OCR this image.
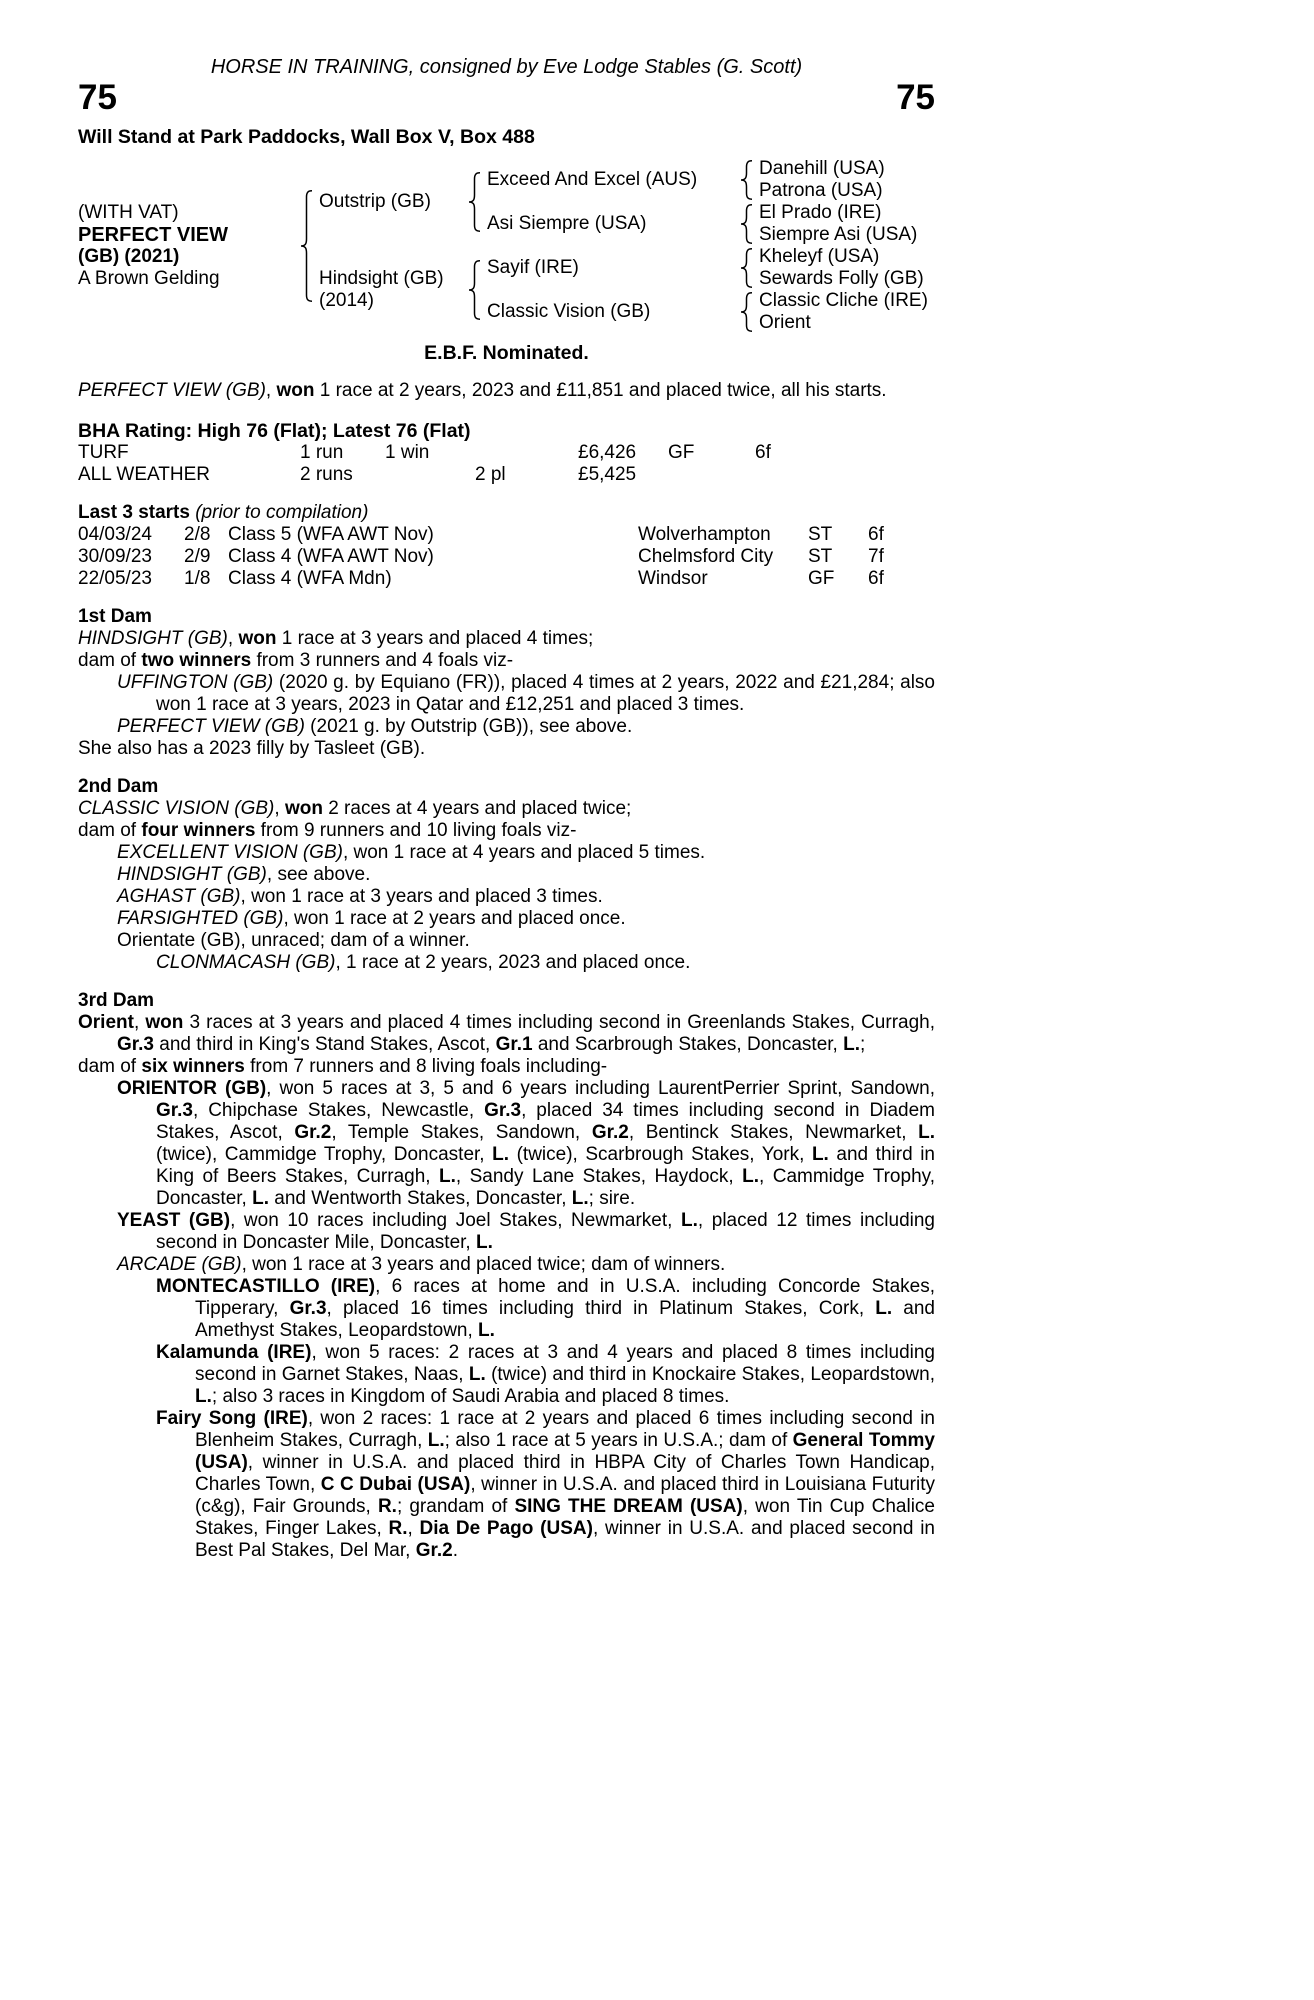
HORSE IN TRAINING, consigned by Eve Lodge Stables (G. Scott)
75	75
Will Stand at Park Paddocks, Wall Box V, Box 488
(WITH VAT)
PERFECT VIEW
(GB) (2021)
A Brown Gelding
Outstrip (GB)
Hindsight (GB)
(2014)
Exceed And Excel (AUS)
Asi Siempre (USA)
Sayif (IRE)
Classic Vision (GB)
Danehill (USA)
Patrona (USA)
El Prado (IRE)
Siempre Asi (USA)
Kheleyf (USA)
Sewards Folly (GB)
Classic Cliche (IRE)
Orient
E.B.F. Nominated.

PERFECT VIEW (GB), won 1 race at 2 years, 2023 and £11,851 and placed twice, all his starts.

BHA Rating: High 76 (Flat); Latest 76 (Flat)
TURF	1 run	1 win		£6,426	GF	6f
ALL WEATHER	2 runs		2 pl	£5,425		
Last 3 starts (prior to compilation)
04/03/24	2/8	Class 5 (WFA AWT Nov)	Wolverhampton	ST	6f
30/09/23	2/9	Class 4 (WFA AWT Nov)	Chelmsford City	ST	7f
22/05/23	1/8	Class 4 (WFA Mdn)	Windsor	GF	6f
1st Dam

HINDSIGHT (GB), won 1 race at 3 years and placed 4 times;

dam of two winners from 3 runners and 4 foals viz-

UFFINGTON (GB) (2020 g. by Equiano (FR)), placed 4 times at 2 years, 2022 and £21,284; also won 1 race at 3 years, 2023 in Qatar and £12,251 and placed 3 times.

PERFECT VIEW (GB) (2021 g. by Outstrip (GB)), see above.

She also has a 2023 filly by Tasleet (GB).

2nd Dam

CLASSIC VISION (GB), won 2 races at 4 years and placed twice;

dam of four winners from 9 runners and 10 living foals viz-

EXCELLENT VISION (GB), won 1 race at 4 years and placed 5 times.

HINDSIGHT (GB), see above.

AGHAST (GB), won 1 race at 3 years and placed 3 times.

FARSIGHTED (GB), won 1 race at 2 years and placed once.

Orientate (GB), unraced; dam of a winner.

CLONMACASH (GB), 1 race at 2 years, 2023 and placed once.

3rd Dam

Orient, won 3 races at 3 years and placed 4 times including second in Greenlands Stakes, Curragh, Gr.3 and third in King's Stand Stakes, Ascot, Gr.1 and Scarbrough Stakes, Doncaster, L.;

dam of six winners from 7 runners and 8 living foals including-

ORIENTOR (GB), won 5 races at 3, 5 and 6 years including LaurentPerrier Sprint, Sandown, Gr.3, Chipchase Stakes, Newcastle, Gr.3, placed 34 times including second in Diadem Stakes, Ascot, Gr.2, Temple Stakes, Sandown, Gr.2, Bentinck Stakes, Newmarket, L. (twice), Cammidge Trophy, Doncaster, L. (twice), Scarbrough Stakes, York, L. and third in King of Beers Stakes, Curragh, L., Sandy Lane Stakes, Haydock, L., Cammidge Trophy, Doncaster, L. and Wentworth Stakes, Doncaster, L.; sire.

YEAST (GB), won 10 races including Joel Stakes, Newmarket, L., placed 12 times including second in Doncaster Mile, Doncaster, L.

ARCADE (GB), won 1 race at 3 years and placed twice; dam of winners.

MONTECASTILLO (IRE), 6 races at home and in U.S.A. including Concorde Stakes, Tipperary, Gr.3, placed 16 times including third in Platinum Stakes, Cork, L. and Amethyst Stakes, Leopardstown, L.

Kalamunda (IRE), won 5 races: 2 races at 3 and 4 years and placed 8 times including second in Garnet Stakes, Naas, L. (twice) and third in Knockaire Stakes, Leopardstown, L.; also 3 races in Kingdom of Saudi Arabia and placed 8 times.

Fairy Song (IRE), won 2 races: 1 race at 2 years and placed 6 times including second in Blenheim Stakes, Curragh, L.; also 1 race at 5 years in U.S.A.; dam of General Tommy (USA), winner in U.S.A. and placed third in HBPA City of Charles Town Handicap, Charles Town, C C Dubai (USA), winner in U.S.A. and placed third in Louisiana Futurity (c&g), Fair Grounds, R.; grandam of SING THE DREAM (USA), won Tin Cup Chalice Stakes, Finger Lakes, R., Dia De Pago (USA), winner in U.S.A. and placed second in Best Pal Stakes, Del Mar, Gr.2.
